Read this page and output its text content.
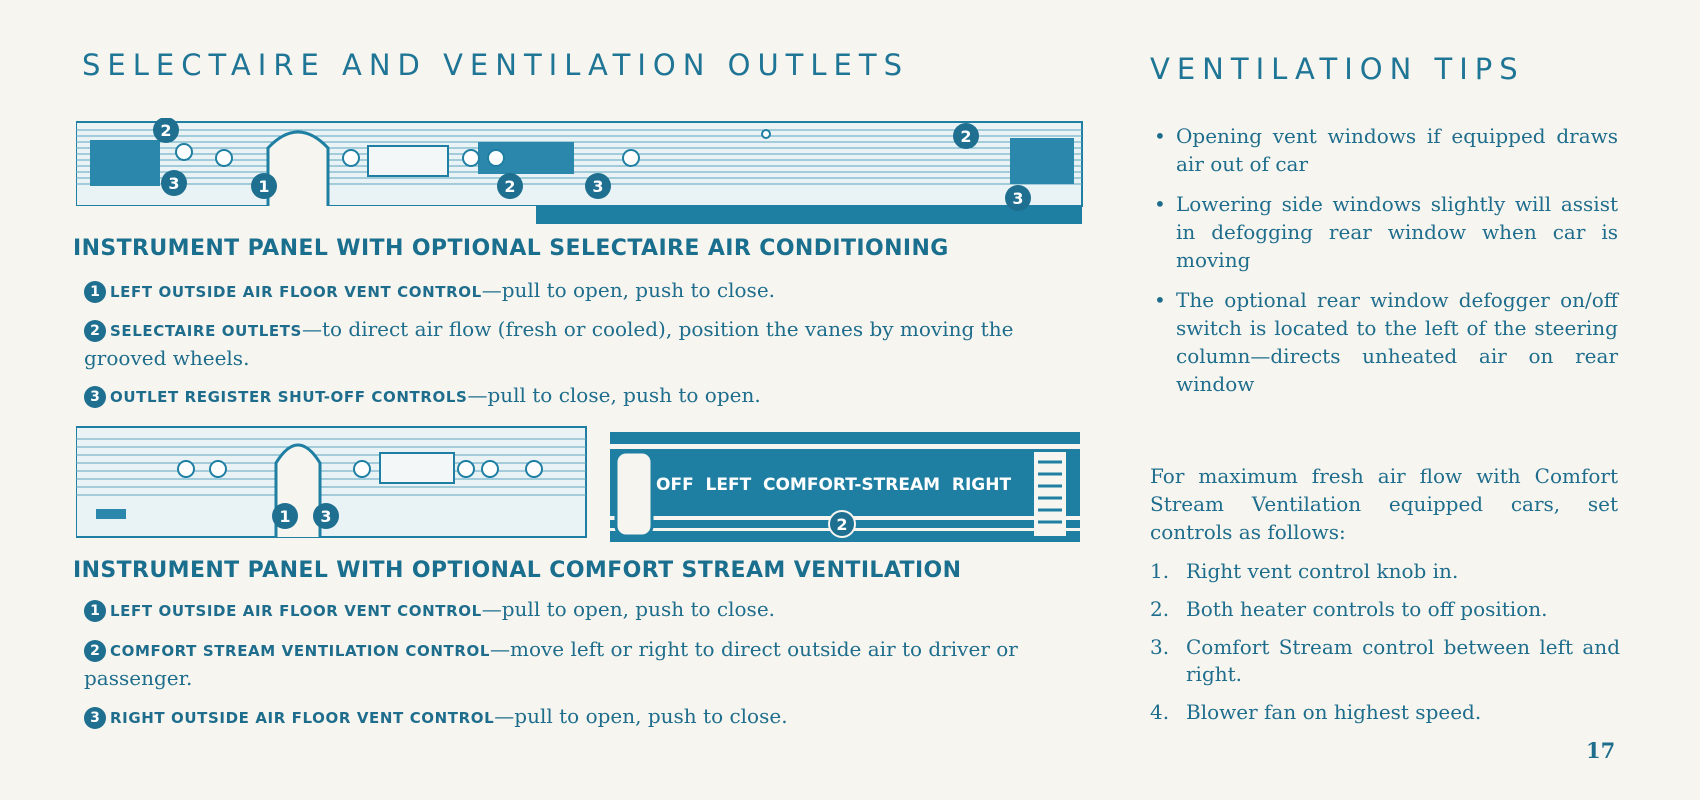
SELECTAIRE AND VENTILATION OUTLETS	VENTILATION TIPS
2
3	1	2	3
2
3
INSTRUMENT PANEL WITH OPTIONAL SELECTAIRE AIR CONDITIONING
1 LEFT OUTSIDE AIR FLOOR VENT CONTROL—pull to open, push to close.
2 SELECTAIRE OUTLETS—to direct air flow (fresh or cooled), position the vanes by moving the grooved wheels.
3 OUTLET REGISTER SHUT-OFF CONTROLS—pull to close, push to open.
1 3
OFF  LEFT  COMFORT-STREAM  RIGHT
2
INSTRUMENT PANEL WITH OPTIONAL COMFORT STREAM VENTILATION
1 LEFT OUTSIDE AIR FLOOR VENT CONTROL—pull to open, push to close.
2 COMFORT STREAM VENTILATION CONTROL—move left or right to direct outside air to driver or passenger.
3 RIGHT OUTSIDE AIR FLOOR VENT CONTROL—pull to open, push to close.
• Opening vent windows if equipped draws air out of car
• Lowering side windows slightly will assist in defogging rear window when car is moving
• The optional rear window defogger on/off switch is located to the left of the steering column—directs unheated air on rear window
For maximum fresh air flow with Comfort Stream Ventilation equipped cars, set controls as follows:
1. Right vent control knob in.
2. Both heater controls to off position.
3. Comfort Stream control between left and right.
4. Blower fan on highest speed.
17
